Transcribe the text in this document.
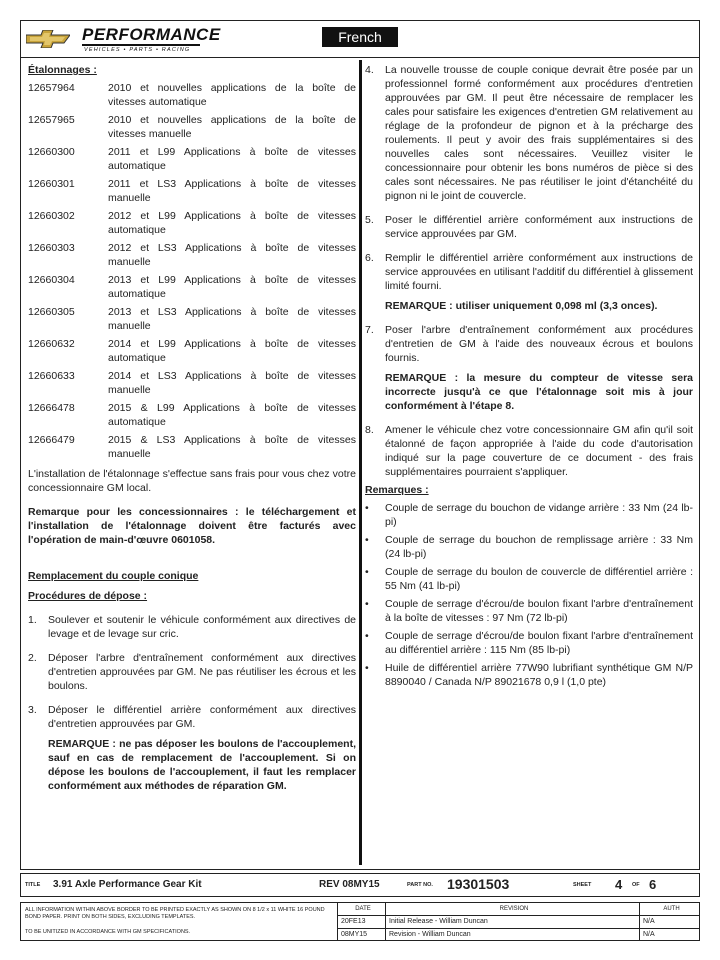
PERFORMANCE
VEHICLES • PARTS • RACING
French
Étalonnages :
12657964	2010 et nouvelles applications de la boîte de vitesses automatique
12657965	2010 et nouvelles applications de la boîte de vitesses manuelle
12660300	2011 et L99 Applications à boîte de vitesses automatique
12660301	2011 et LS3 Applications à boîte de vitesses manuelle
12660302	2012 et L99 Applications à boîte de vitesses automatique
12660303	2012 et LS3 Applications à boîte de vitesses manuelle
12660304	2013 et L99 Applications à boîte de vitesses automatique
12660305	2013 et LS3 Applications à boîte de vitesses manuelle
12660632	2014 et L99 Applications à boîte de vitesses automatique
12660633	2014 et LS3 Applications à boîte de vitesses manuelle
12666478	2015 & L99 Applications à boîte de vitesses automatique
12666479	2015 & LS3 Applications à boîte de vitesses manuelle
L'installation de l'étalonnage s'effectue sans frais pour vous chez votre concessionnaire GM local.
Remarque pour les concessionnaires : le téléchargement et l'installation de l'étalonnage doivent être facturés avec l'opération de main-d'œuvre 0601058.
Remplacement du couple conique
Procédures de dépose :
1.	Soulever et soutenir le véhicule conformément aux directives de levage et de levage sur cric.
2.	Déposer l'arbre d'entraînement conformément aux directives d'entretien approuvées par GM. Ne pas réutiliser les écrous et les boulons.
3.	Déposer le différentiel arrière conformément aux directives d'entretien approuvées par GM.
REMARQUE : ne pas déposer les boulons de l'accouplement, sauf en cas de remplacement de l'accouplement. Si on dépose les boulons de l'accouplement, il faut les remplacer conformément aux méthodes de réparation GM.
4.	La nouvelle trousse de couple conique devrait être posée par un professionnel formé conformément aux procédures d'entretien approuvées par GM. Il peut être nécessaire de remplacer les cales pour satisfaire les exigences d'entretien GM relativement au réglage de la profondeur de pignon et à la précharge des roulements. Il peut y avoir des frais supplémentaires si des nouvelles cales sont nécessaires. Veuillez visiter le concessionnaire pour obtenir les bons numéros de pièce si des cales sont nécessaires. Ne pas réutiliser le joint d'étanchéité du pignon ni le joint de couvercle.
5.	Poser le différentiel arrière conformément aux instructions de service approuvées par GM.
6.	Remplir le différentiel arrière conformément aux instructions de service approuvées en utilisant l'additif du différentiel à glissement limité fourni.
REMARQUE : utiliser uniquement 0,098 ml (3,3 onces).
7.	Poser l'arbre d'entraînement conformément aux procédures d'entretien de GM à l'aide des nouveaux écrous et boulons fournis.
REMARQUE : la mesure du compteur de vitesse sera incorrecte jusqu'à ce que l'étalonnage soit mis à jour conformément à l'étape 8.
8.	Amener le véhicule chez votre concessionnaire GM afin qu'il soit étalonné de façon appropriée à l'aide du code d'autorisation indiqué sur la page couverture de ce document - des frais supplémentaires pourraient s'appliquer.
Remarques :
•	Couple de serrage du bouchon de vidange arrière : 33 Nm (24 lb-pi)
•	Couple de serrage du bouchon de remplissage arrière : 33 Nm (24 lb-pi)
•	Couple de serrage du boulon de couvercle de différentiel arrière : 55 Nm (41 lb-pi)
•	Couple de serrage d'écrou/de boulon fixant l'arbre d'entraînement à la boîte de vitesses : 97 Nm (72 lb-pi)
•	Couple de serrage d'écrou/de boulon fixant l'arbre d'entraînement au différentiel arrière : 115 Nm (85 lb-pi)
•	Huile de différentiel arrière 77W90 lubrifiant synthétique GM N/P 8890040 / Canada N/P 89021678 0,9 l (1,0 pte)
TITLE 3.91 Axle Performance Gear Kit	REV 08MY15	PART NO. 19301503	SHEET 4 OF 6
ALL INFORMATION WITHIN ABOVE BORDER TO BE PRINTED EXACTLY AS SHOWN ON 8 1/2 x 11 WHITE 16 POUND BOND PAPER. PRINT ON BOTH SIDES, EXCLUDING TEMPLATES.
TO BE UNITIZED IN ACCORDANCE WITH GM SPECIFICATIONS.
DATE	REVISION	AUTH
20FE13	Initial Release - William Duncan	N/A
08MY15	Revision - William Duncan	N/A
